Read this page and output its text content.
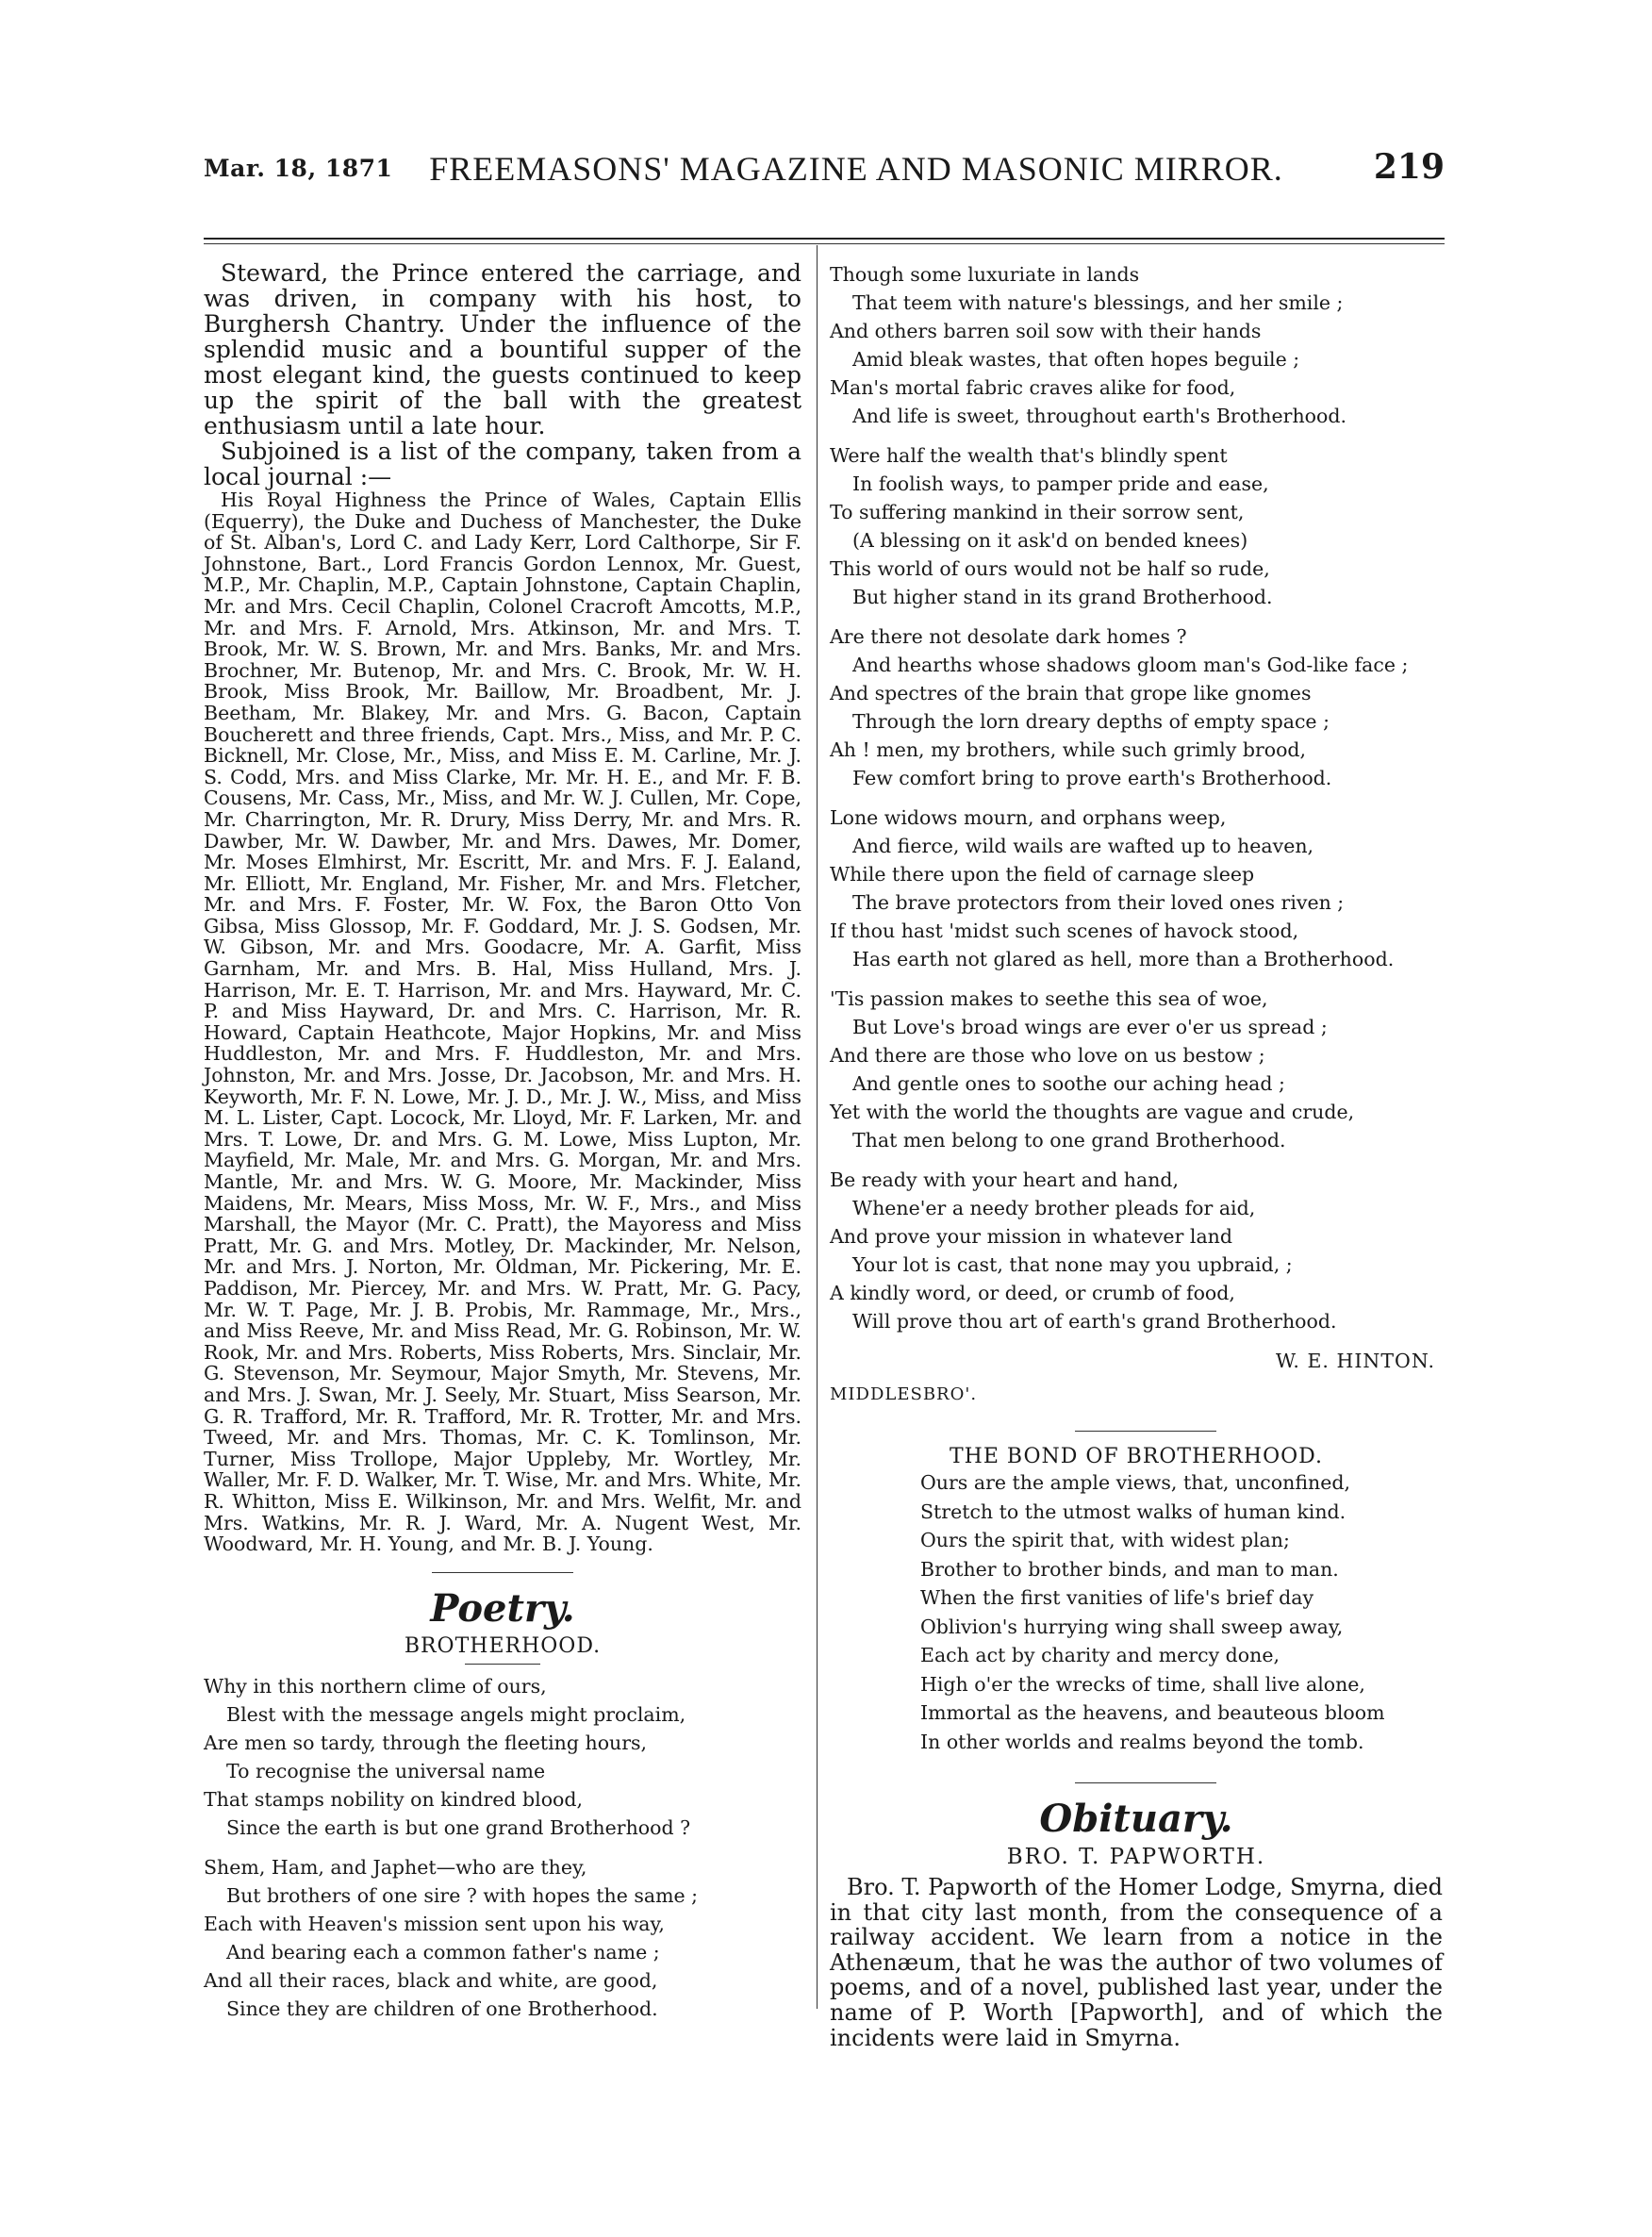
Mar. 18, 1871	FREEMASONS' MAGAZINE AND MASONIC MIRROR.	219

Steward, the Prince entered the carriage, and was driven, in company with his host, to Burghersh Chantry. Under the influence of the splendid music and a bountiful supper of the most elegant kind, the guests continued to keep up the spirit of the ball with the greatest enthusiasm until a late hour.

Subjoined is a list of the company, taken from a local journal :—

His Royal Highness the Prince of Wales, Captain Ellis (Equerry), the Duke and Duchess of Manchester, the Duke of St. Alban's, Lord C. and Lady Kerr, Lord Calthorpe, Sir F. Johnstone, Bart., Lord Francis Gordon Lennox, Mr. Guest, M.P., Mr. Chaplin, M.P., Captain Johnstone, Captain Chaplin, Mr. and Mrs. Cecil Chaplin, Colonel Cracroft Amcotts, M.P., Mr. and Mrs. F. Arnold, Mrs. Atkinson, Mr. and Mrs. T. Brook, Mr. W. S. Brown, Mr. and Mrs. Banks, Mr. and Mrs. Brochner, Mr. Butenop, Mr. and Mrs. C. Brook, Mr. W. H. Brook, Miss Brook, Mr. Baillow, Mr. Broadbent, Mr. J. Beetham, Mr. Blakey, Mr. and Mrs. G. Bacon, Captain Boucherett and three friends, Capt. Mrs., Miss, and Mr. P. C. Bicknell, Mr. Close, Mr., Miss, and Miss E. M. Carline, Mr. J. S. Codd, Mrs. and Miss Clarke, Mr. Mr. H. E., and Mr. F. B. Cousens, Mr. Cass, Mr., Miss, and Mr. W. J. Cullen, Mr. Cope, Mr. Charrington, Mr. R. Drury, Miss Derry, Mr. and Mrs. R. Dawber, Mr. W. Dawber, Mr. and Mrs. Dawes, Mr. Domer, Mr. Moses Elmhirst, Mr. Escritt, Mr. and Mrs. F. J. Ealand, Mr. Elliott, Mr. England, Mr. Fisher, Mr. and Mrs. Fletcher, Mr. and Mrs. F. Foster, Mr. W. Fox, the Baron Otto Von Gibsa, Miss Glossop, Mr. F. Goddard, Mr. J. S. Godsen, Mr. W. Gibson, Mr. and Mrs. Goodacre, Mr. A. Garfit, Miss Garnham, Mr. and Mrs. B. Hal, Miss Hulland, Mrs. J. Harrison, Mr. E. T. Harrison, Mr. and Mrs. Hayward, Mr. C. P. and Miss Hayward, Dr. and Mrs. C. Harrison, Mr. R. Howard, Captain Heathcote, Major Hopkins, Mr. and Miss Huddleston, Mr. and Mrs. F. Huddleston, Mr. and Mrs. Johnston, Mr. and Mrs. Josse, Dr. Jacobson, Mr. and Mrs. H. Keyworth, Mr. F. N. Lowe, Mr. J. D., Mr. J. W., Miss, and Miss M. L. Lister, Capt. Locock, Mr. Lloyd, Mr. F. Larken, Mr. and Mrs. T. Lowe, Dr. and Mrs. G. M. Lowe, Miss Lupton, Mr. Mayfield, Mr. Male, Mr. and Mrs. G. Morgan, Mr. and Mrs. Mantle, Mr. and Mrs. W. G. Moore, Mr. Mackinder, Miss Maidens, Mr. Mears, Miss Moss, Mr. W. F., Mrs., and Miss Marshall, the Mayor (Mr. C. Pratt), the Mayoress and Miss Pratt, Mr. G. and Mrs. Motley, Dr. Mackinder, Mr. Nelson, Mr. and Mrs. J. Norton, Mr. Oldman, Mr. Pickering, Mr. E. Paddison, Mr. Piercey, Mr. and Mrs. W. Pratt, Mr. G. Pacy, Mr. W. T. Page, Mr. J. B. Probis, Mr. Rammage, Mr., Mrs., and Miss Reeve, Mr. and Miss Read, Mr. G. Robinson, Mr. W. Rook, Mr. and Mrs. Roberts, Miss Roberts, Mrs. Sinclair, Mr. G. Stevenson, Mr. Seymour, Major Smyth, Mr. Stevens, Mr. and Mrs. J. Swan, Mr. J. Seely, Mr. Stuart, Miss Searson, Mr. G. R. Trafford, Mr. R. Trafford, Mr. R. Trotter, Mr. and Mrs. Tweed, Mr. and Mrs. Thomas, Mr. C. K. Tomlinson, Mr. Turner, Miss Trollope, Major Uppleby, Mr. Wortley, Mr. Waller, Mr. F. D. Walker, Mr. T. Wise, Mr. and Mrs. White, Mr. R. Whitton, Miss E. Wilkinson, Mr. and Mrs. Welfit, Mr. and Mrs. Watkins, Mr. R. J. Ward, Mr. A. Nugent West, Mr. Woodward, Mr. H. Young, and Mr. B. J. Young.

Poetry.

BROTHERHOOD.

Why in this northern clime of ours,
Blest with the message angels might proclaim,
Are men so tardy, through the fleeting hours,
To recognise the universal name
That stamps nobility on kindred blood,
Since the earth is but one grand Brotherhood ?
Shem, Ham, and Japhet—who are they,
But brothers of one sire ? with hopes the same ;
Each with Heaven's mission sent upon his way,
And bearing each a common father's name ;
And all their races, black and white, are good,
Since they are children of one Brotherhood.
Though some luxuriate in lands
That teem with nature's blessings, and her smile ;
And others barren soil sow with their hands
Amid bleak wastes, that often hopes beguile ;
Man's mortal fabric craves alike for food,
And life is sweet, throughout earth's Brotherhood.
Were half the wealth that's blindly spent
In foolish ways, to pamper pride and ease,
To suffering mankind in their sorrow sent,
(A blessing on it ask'd on bended knees)
This world of ours would not be half so rude,
But higher stand in its grand Brotherhood.
Are there not desolate dark homes ?
And hearths whose shadows gloom man's God-like face ;
And spectres of the brain that grope like gnomes
Through the lorn dreary depths of empty space ;
Ah ! men, my brothers, while such grimly brood,
Few comfort bring to prove earth's Brotherhood.
Lone widows mourn, and orphans weep,
And fierce, wild wails are wafted up to heaven,
While there upon the field of carnage sleep
The brave protectors from their loved ones riven ;
If thou hast 'midst such scenes of havock stood,
Has earth not glared as hell, more than a Brotherhood.
'Tis passion makes to seethe this sea of woe,
But Love's broad wings are ever o'er us spread ;
And there are those who love on us bestow ;
And gentle ones to soothe our aching head ;
Yet with the world the thoughts are vague and crude,
That men belong to one grand Brotherhood.
Be ready with your heart and hand,
Whene'er a needy brother pleads for aid,
And prove your mission in whatever land
Your lot is cast, that none may you upbraid, ;
A kindly word, or deed, or crumb of food,
Will prove thou art of earth's grand Brotherhood.
W. E. HINTON.
MIDDLESBRO'.

THE BOND OF BROTHERHOOD.

Ours are the ample views, that, unconfined,
Stretch to the utmost walks of human kind.
Ours the spirit that, with widest plan;
Brother to brother binds, and man to man.
When the first vanities of life's brief day
Oblivion's hurrying wing shall sweep away,
Each act by charity and mercy done,
High o'er the wrecks of time, shall live alone,
Immortal as the heavens, and beauteous bloom
In other worlds and realms beyond the tomb.
Obituary.

BRO. T. PAPWORTH.

Bro. T. Papworth of the Homer Lodge, Smyrna, died in that city last month, from the consequence of a railway accident. We learn from a notice in the Athenæum, that he was the author of two volumes of poems, and of a novel, published last year, under the name of P. Worth [Papworth], and of which the incidents were laid in Smyrna.
